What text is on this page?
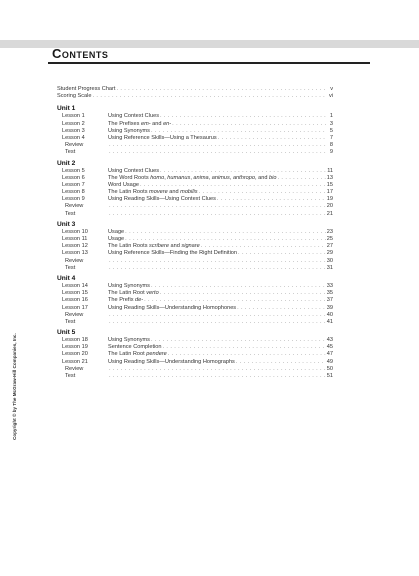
Contents
Student Progress Chart . . .	v
Scoring Scale . . .	vi
Unit 1
Lesson 1	Using Context Clues . . .	1
Lesson 2	The Prefixes em- and en- . . .	3
Lesson 3	Using Synonyms . . .	5
Lesson 4	Using Reference Skills—Using a Thesaurus . . .	7
Review . . .	8
Test . . .	9
Unit 2
Lesson 5	Using Context Clues . . .	11
Lesson 6	The Word Roots homo, humanus, anima, animus, anthropo, and bio . . .	13
Lesson 7	Word Usage . . .	15
Lesson 8	The Latin Roots movere and mobilis . . .	17
Lesson 9	Using Reading Skills—Using Context Clues . . .	19
Review . . .	20
Test . . .	21
Unit 3
Lesson 10	Usage . . .	23
Lesson 11	Usage . . .	25
Lesson 12	The Latin Roots scribere and signare . . .	27
Lesson 13	Using Reference Skills—Finding the Right Definition . . .	29
Review . . .	30
Test . . .	31
Unit 4
Lesson 14	Using Synonyms . . .	33
Lesson 15	The Latin Root verto . . .	35
Lesson 16	The Prefix de- . . .	37
Lesson 17	Using Reading Skills—Understanding Homophones . . .	39
Review . . .	40
Test . . .	41
Unit 5
Lesson 18	Using Synonyms . . .	43
Lesson 19	Sentence Completion . . .	45
Lesson 20	The Latin Root pendere . . .	47
Lesson 21	Using Reading Skills—Understanding Homographs . . .	49
Review . . .	50
Test . . .	51
Copyright © by The McGraw-Hill Companies, Inc.
